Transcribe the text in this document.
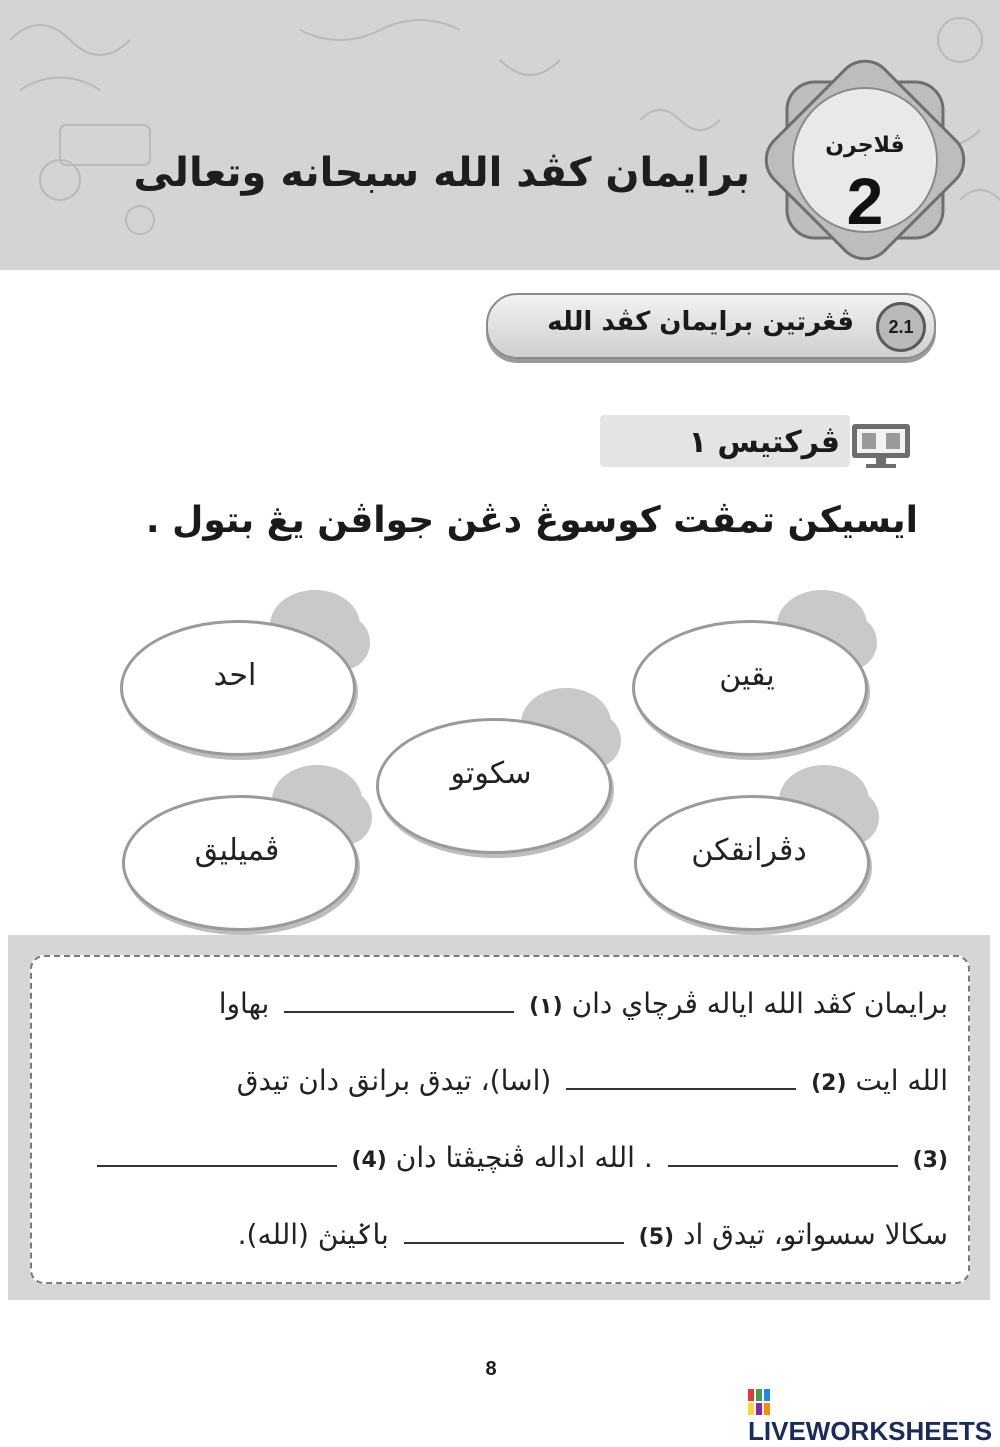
برايمان كڤد الله سبحانه وتعالى
ڤلاجرن
2
ڤڠرتين برايمان كڤد الله	2.1
ڤركتيس ١
ايسيكن تمڤت كوسوڠ دڠن جواڤن يڠ بتول .
احد	يقين
سكوتو
ڤميليق	دڤرانقكن
برايمان كڤد الله اياله ڤرچاي دان (١)  بهاوا
الله ايت (2)  (اسا)، تيدق برانق دان تيدق
(3)  . الله اداله ڤنچيڤتا دان (4)
سكالا سسواتو، تيدق اد (5)  باݢينڽ (الله).
8
LIVEWORKSHEETS
